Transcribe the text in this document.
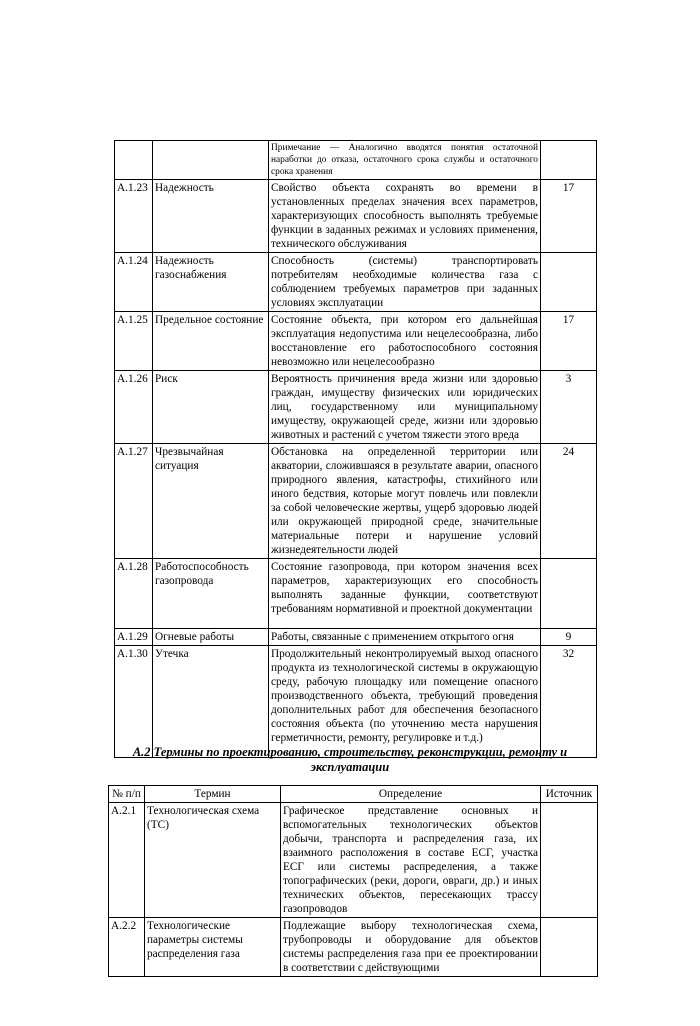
		Примечание — Аналогично вводятся понятия остаточной наработки до отказа, остаточного срока службы и остаточного срока хранения	
А.1.23	Надежность	Свойство объекта сохранять во времени в установленных пределах значения всех параметров, характеризующих способность выполнять требуемые функции в заданных режимах и условиях применения, технического обслуживания	17
А.1.24	Надежность газоснабжения	Способность (системы) транспортировать потребителям необходимые количества газа с соблюдением требуемых параметров при заданных условиях эксплуатации	
А.1.25	Предельное состояние	Состояние объекта, при котором его дальнейшая эксплуатация недопустима или нецелесообразна, либо восстановление его работоспособного состояния невозможно или нецелесообразно	17
А.1.26	Риск	Вероятность причинения вреда жизни или здоровью граждан, имуществу физических или юридических лиц, государственному или муниципальному имуществу, окружающей среде, жизни или здоровью животных и растений с учетом тяжести этого вреда	3
А.1.27	Чрезвычайная ситуация	Обстановка на определенной территории или акватории, сложившаяся в результате аварии, опасного природного явления, катастрофы, стихийного или иного бедствия, которые могут повлечь или повлекли за собой человеческие жертвы, ущерб здоровью людей или окружающей природной среде, значительные материальные потери и нарушение условий жизнедеятельности людей	24
А.1.28	Работоспособность газопровода	Состояние газопровода, при котором значения всех параметров, характеризующих его способность выполнять заданные функции, соответствуют требованиям нормативной и проектной документации	
А.1.29	Огневые работы	Работы, связанные с применением открытого огня	9
А.1.30	Утечка	Продолжительный неконтролируемый выход опасного продукта из технологической системы в окружающую среду, рабочую площадку или помещение опасного производственного объекта, требующий проведения дополнительных работ для обеспечения безопасного состояния объекта (по уточнению места нарушения герметичности, ремонту, регулировке и т.д.)	32
А.2 Термины по проектированию, строительству, реконструкции, ремонту и
эксплуатации
№ п/п	Термин	Определение	Источник
А.2.1	Технологическая схема (ТС)	Графическое представление основных и вспомогательных технологических объектов добычи, транспорта и распределения газа, их взаимного расположения в составе ЕСГ, участка ЕСГ или системы распределения, а также топографических (реки, дороги, овраги, др.) и иных технических объектов, пересекающих трассу газопроводов	
А.2.2	Технологические параметры системы распределения газа	Подлежащие выбору технологическая схема, трубопроводы и оборудование для объектов системы распределения газа при ее проектировании в соответствии с действующими	
